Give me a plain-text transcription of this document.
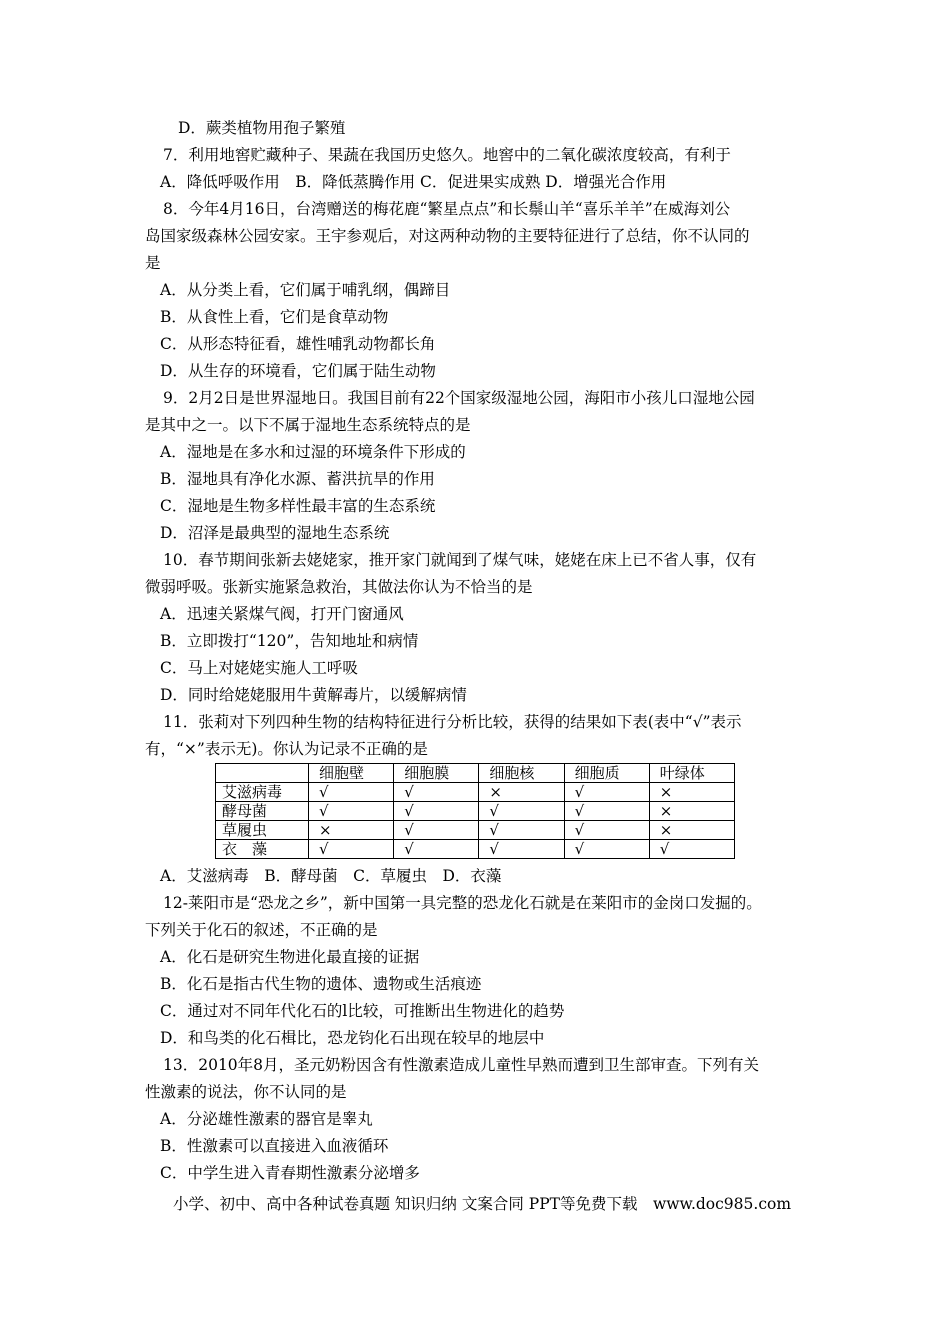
D．蕨类植物用孢子繁殖
7．利用地窖贮藏种子、果蔬在我国历史悠久。地窖中的二氧化碳浓度较高，有利于
A．降低呼吸作用　B．降低蒸腾作用 C．促进果实成熟 D．增强光合作用
8．今年4月16日，台湾赠送的梅花鹿“繁星点点”和长鬃山羊“喜乐羊羊”在威海刘公
岛国家级森林公园安家。王宇参观后，对这两种动物的主要特征进行了总结，你不认同的
是
A．从分类上看，它们属于哺乳纲，偶蹄目
B．从食性上看，它们是食草动物
C．从形态特征看，雄性哺乳动物都长角
D．从生存的环境看，它们属于陆生动物
9．2月2日是世界湿地日。我国目前有22个国家级湿地公园，海阳市小孩儿口湿地公园
是其中之一。以下不属于湿地生态系统特点的是
A．湿地是在多水和过湿的环境条件下形成的
B．湿地具有净化水源、蓄洪抗旱的作用
C．湿地是生物多样性最丰富的生态系统
D．沼泽是最典型的湿地生态系统
10．春节期间张新去姥姥家，推开家门就闻到了煤气味，姥姥在床上已不省人事，仅有
微弱呼吸。张新实施紧急救治，其做法你认为不恰当的是
A．迅速关紧煤气阀，打开门窗通风
B．立即拨打“120”，告知地址和病情
C．马上对姥姥实施人工呼吸
D．同时给姥姥服用牛黄解毒片，以缓解病情
11．张莉对下列四种生物的结构特征进行分析比较，获得的结果如下表(表中“√”表示
有，“×”表示无)。你认为记录不正确的是
	细胞壁	细胞膜	细胞核	细胞质	叶绿体
艾滋病毒	√	√	×	√	×
酵母菌	√	√	√	√	×
草履虫	×	√	√	√	×
衣　藻	√	√	√	√	√
A．艾滋病毒　B．酵母菌　C．草履虫　D．衣藻
12-莱阳市是“恐龙之乡”，新中国第一具完整的恐龙化石就是在莱阳市的金岗口发掘的。
下列关于化石的叙述，不正确的是
A．化石是研究生物进化最直接的证据
B．化石是指古代生物的遗体、遗物或生活痕迹
C．通过对不同年代化石的l比较，可推断出生物进化的趋势
D．和鸟类的化石楫比，恐龙钧化石出现在较早的地层中
13．2010年8月，圣元奶粉因含有性激素造成儿童性早熟而遭到卫生部审查。下列有关
性激素的说法，你不认同的是
A．分泌雄性激素的器官是睾丸
B．性激素可以直接进入血液循环
C．中学生进入青春期性激素分泌增多
小学、初中、高中各种试卷真题 知识归纳 文案合同 PPT等免费下载　www.doc985.com
